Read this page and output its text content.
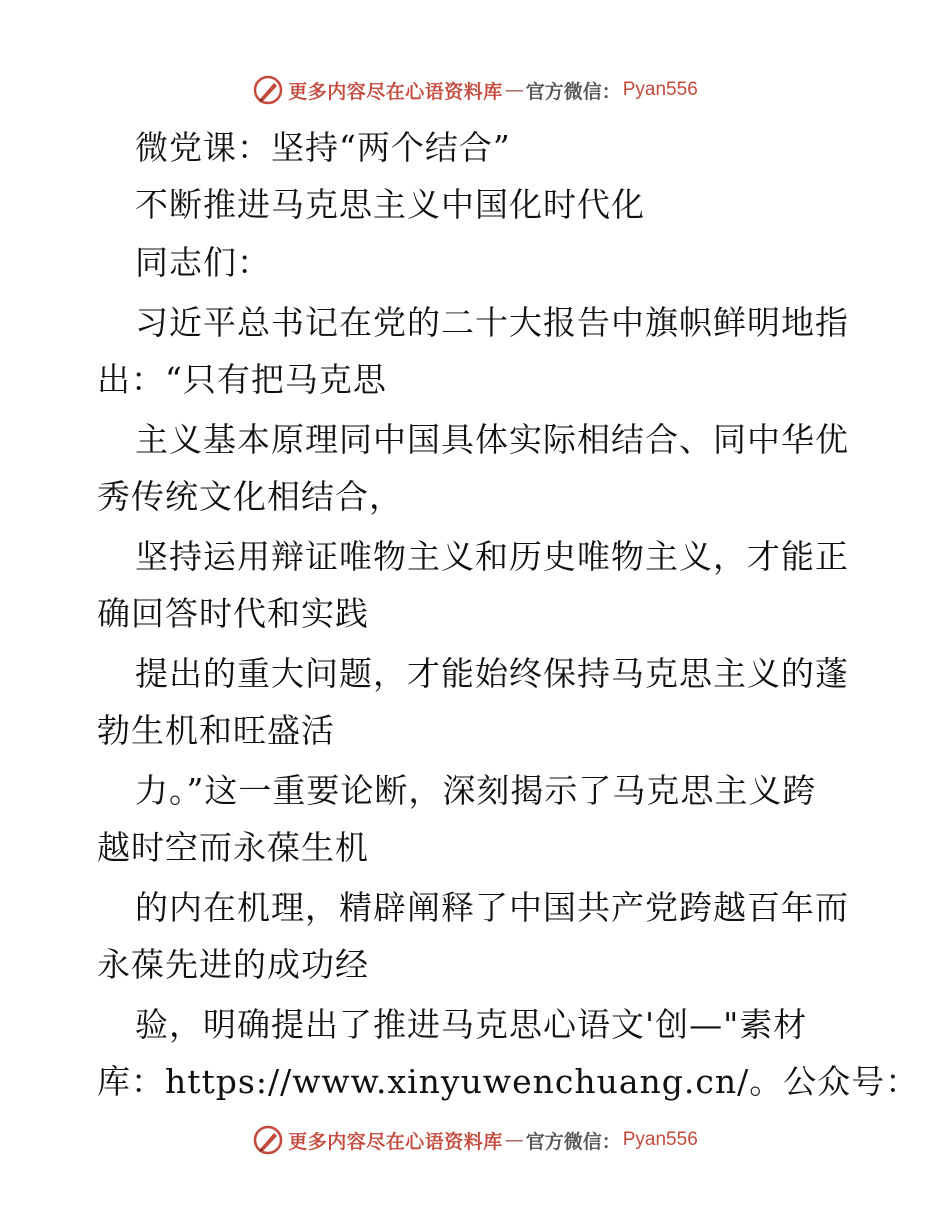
更多内容尽在心语资料库 — 官方微信： Pyan556
微党课：坚持“两个结合”
不断推进马克思主义中国化时代化
同志们：
习近平总书记在党的二十大报告中旗帜鲜明地指
出：“只有把马克思
主义基本原理同中国具体实际相结合、同中华优
秀传统文化相结合，
坚持运用辩证唯物主义和历史唯物主义，才能正
确回答时代和实践
提出的重大问题，才能始终保持马克思主义的蓬
勃生机和旺盛活
力。”这一重要论断，深刻揭示了马克思主义跨
越时空而永葆生机
的内在机理，精辟阐释了中国共产党跨越百年而
永葆先进的成功经
验，明确提出了推进马克思心语文'创—"素材
库：https://www.xinyuwenchuang.cn/。公众号：
更多内容尽在心语资料库 — 官方微信： Pyan556
